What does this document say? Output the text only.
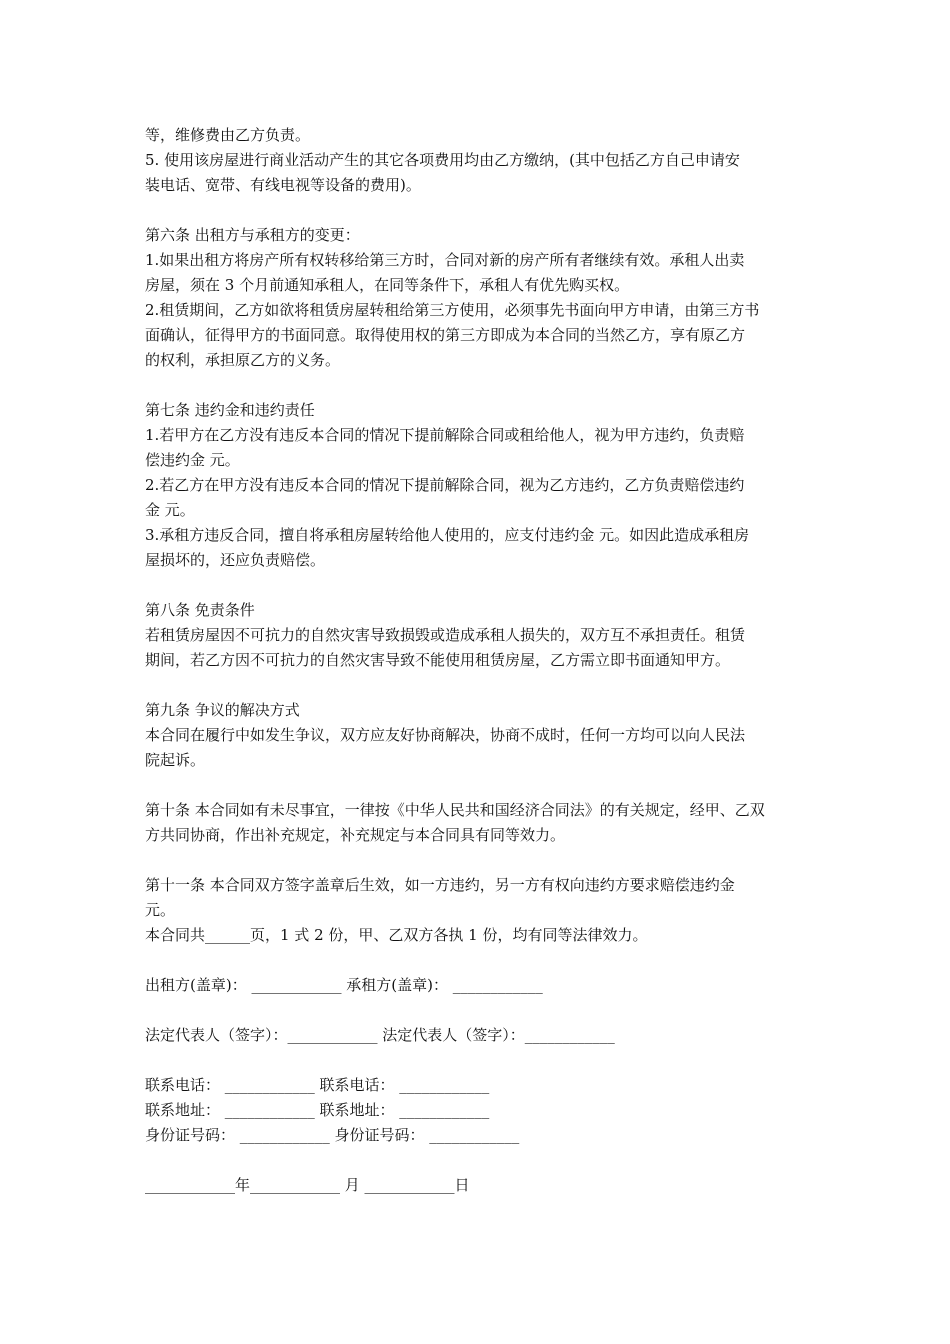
等，维修费由乙方负责。
5. 使用该房屋进行商业活动产生的其它各项费用均由乙方缴纳，(其中包括乙方自己申请安
装电话、宽带、有线电视等设备的费用)。
第六条 出租方与承租方的变更：
1.如果出租方将房产所有权转移给第三方时，合同对新的房产所有者继续有效。承租人出卖
房屋，须在 3 个月前通知承租人，在同等条件下，承租人有优先购买权。
2.租赁期间，乙方如欲将租赁房屋转租给第三方使用，必须事先书面向甲方申请，由第三方书
面确认，征得甲方的书面同意。取得使用权的第三方即成为本合同的当然乙方，享有原乙方
的权利，承担原乙方的义务。
第七条 违约金和违约责任
1.若甲方在乙方没有违反本合同的情况下提前解除合同或租给他人，视为甲方违约，负责赔
偿违约金 元。
2.若乙方在甲方没有违反本合同的情况下提前解除合同，视为乙方违约，乙方负责赔偿违约
金 元。
3.承租方违反合同，擅自将承租房屋转给他人使用的，应支付违约金 元。如因此造成承租房
屋损坏的，还应负责赔偿。
第八条 免责条件
若租赁房屋因不可抗力的自然灾害导致损毁或造成承租人损失的，双方互不承担责任。租赁
期间，若乙方因不可抗力的自然灾害导致不能使用租赁房屋，乙方需立即书面通知甲方。
第九条 争议的解决方式
本合同在履行中如发生争议，双方应友好协商解决，协商不成时，任何一方均可以向人民法
院起诉。
第十条 本合同如有未尽事宜，一律按《中华人民共和国经济合同法》的有关规定，经甲、乙双
方共同协商，作出补充规定，补充规定与本合同具有同等效力。
第十一条 本合同双方签字盖章后生效，如一方违约，另一方有权向违约方要求赔偿违约金
元。
本合同共______页，1 式 2 份，甲、乙双方各执 1 份，均有同等法律效力。
出租方(盖章)： ____________ 承租方(盖章)： ____________
法定代表人（签字）：____________ 法定代表人（签字）：____________
联系电话： ____________ 联系电话： ____________
联系地址： ____________ 联系地址： ____________
身份证号码： ____________ 身份证号码： ____________
____________年____________ 月 ____________日
